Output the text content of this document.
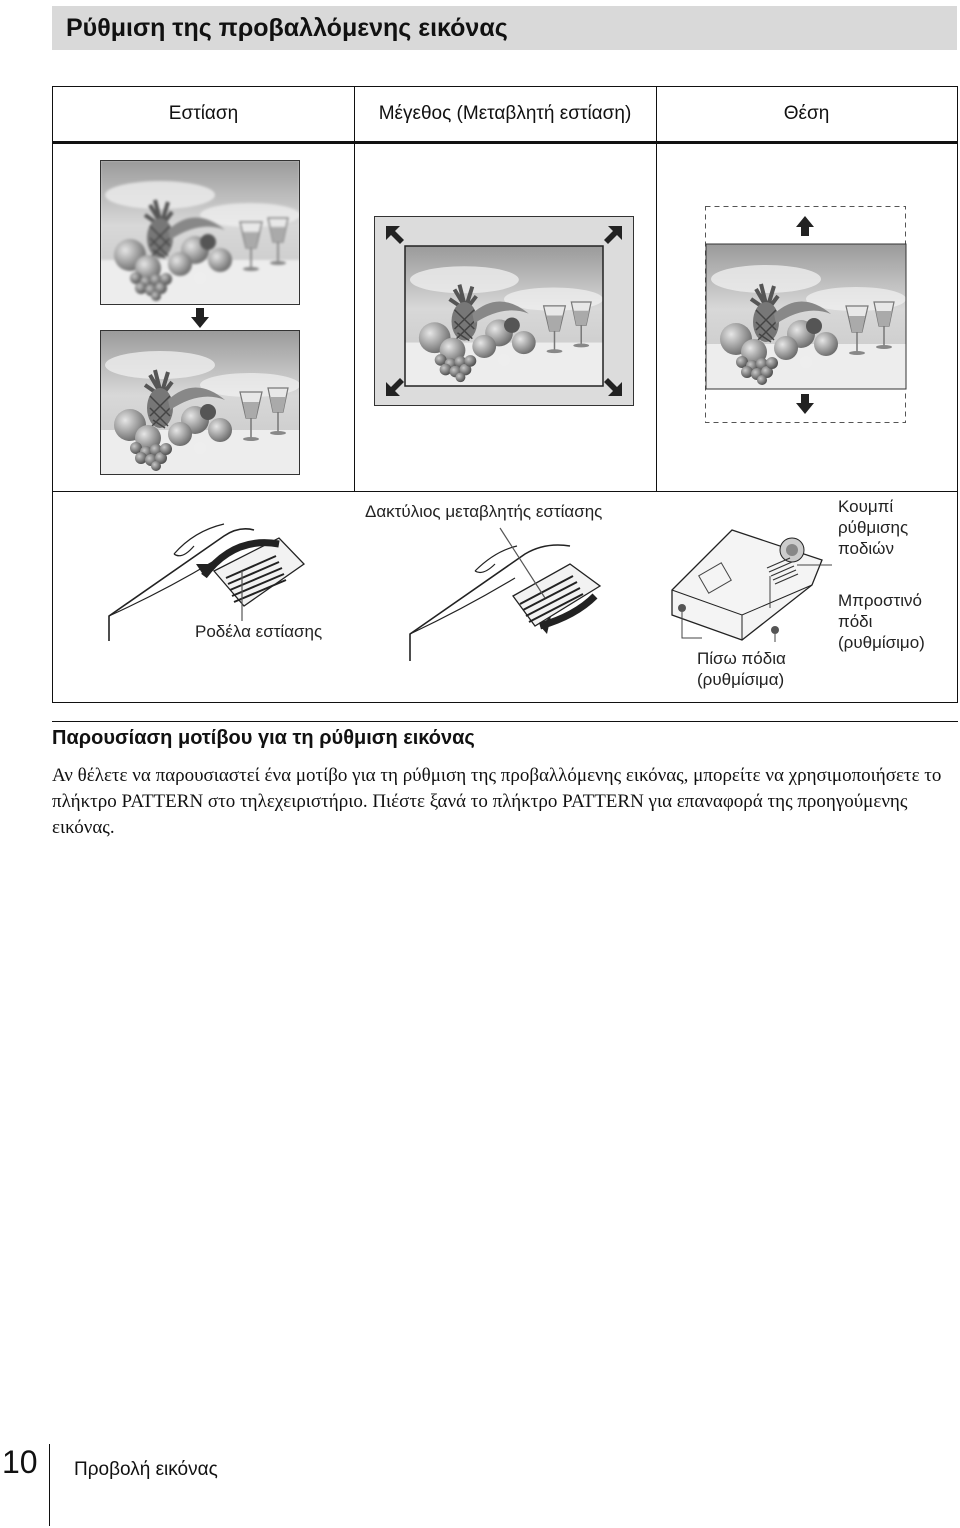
Ρύθμιση της προβαλλόμενης εικόνας
Εστίαση	Μέγεθος (Μεταβλητή εστίαση)	Θέση
Ροδέλα εστίασης
Δακτύλιος μεταβλητής εστίασης	Κουμπί ρύθμισης ποδιών
Μπροστινό πόδι (ρυθμίσιμο)
Πίσω πόδια (ρυθμίσιμα)
Παρουσίαση μοτίβου για τη ρύθμιση εικόνας
Αν θέλετε να παρουσιαστεί ένα μοτίβο για τη ρύθμιση της προβαλλόμενης εικόνας, μπορείτε να χρησιμοποιήσετε το πλήκτρο PATTERN στο τηλεχειριστήριο. Πιέστε ξανά το πλήκτρο PATTERN για επαναφορά της προηγούμενης εικόνας.
10 Προβολή εικόνας
